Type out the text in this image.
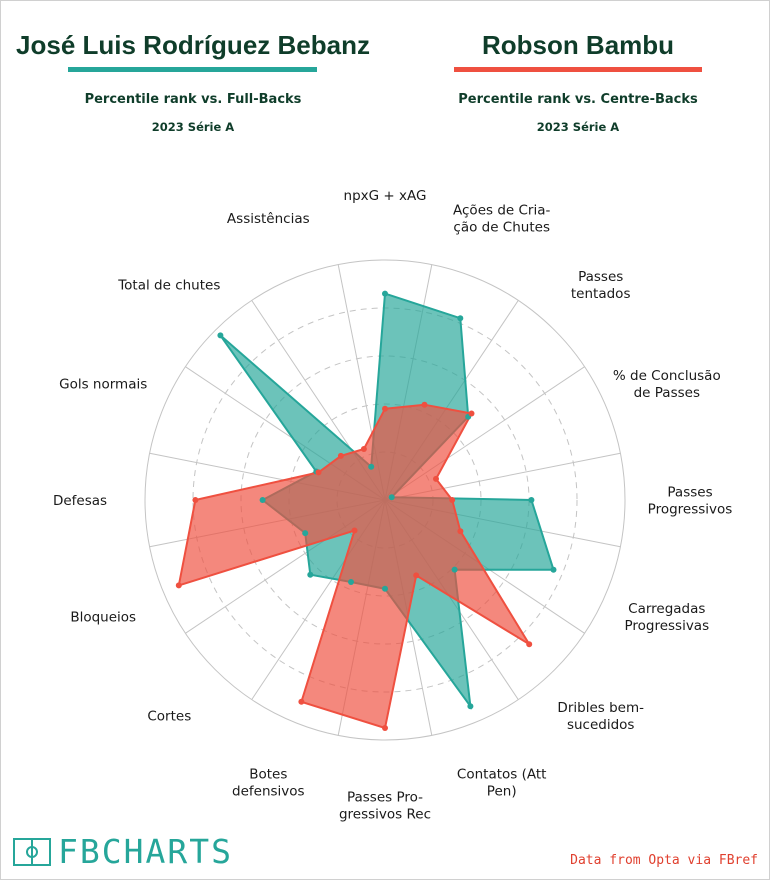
José Luis Rodríguez Bebanz
Percentile rank vs. Full-Backs
2023 Série A
Robson Bambu
Percentile rank vs. Centre-Backs
2023 Série A
npxG + xAG
Ações de Cria-ção de Chutes
Passes tentados
% de Conclusão de Passes
Passes Progressivos
Carregadas Progressivas
Dribles bem-sucedidos
Contatos (Att Pen)
Passes Pro-gressivos Rec
Botes defensivos
Cortes
Bloqueios
Defesas
Gols normais
Total de chutes
Assistências
FBCHARTS	Data from Opta via FBref
